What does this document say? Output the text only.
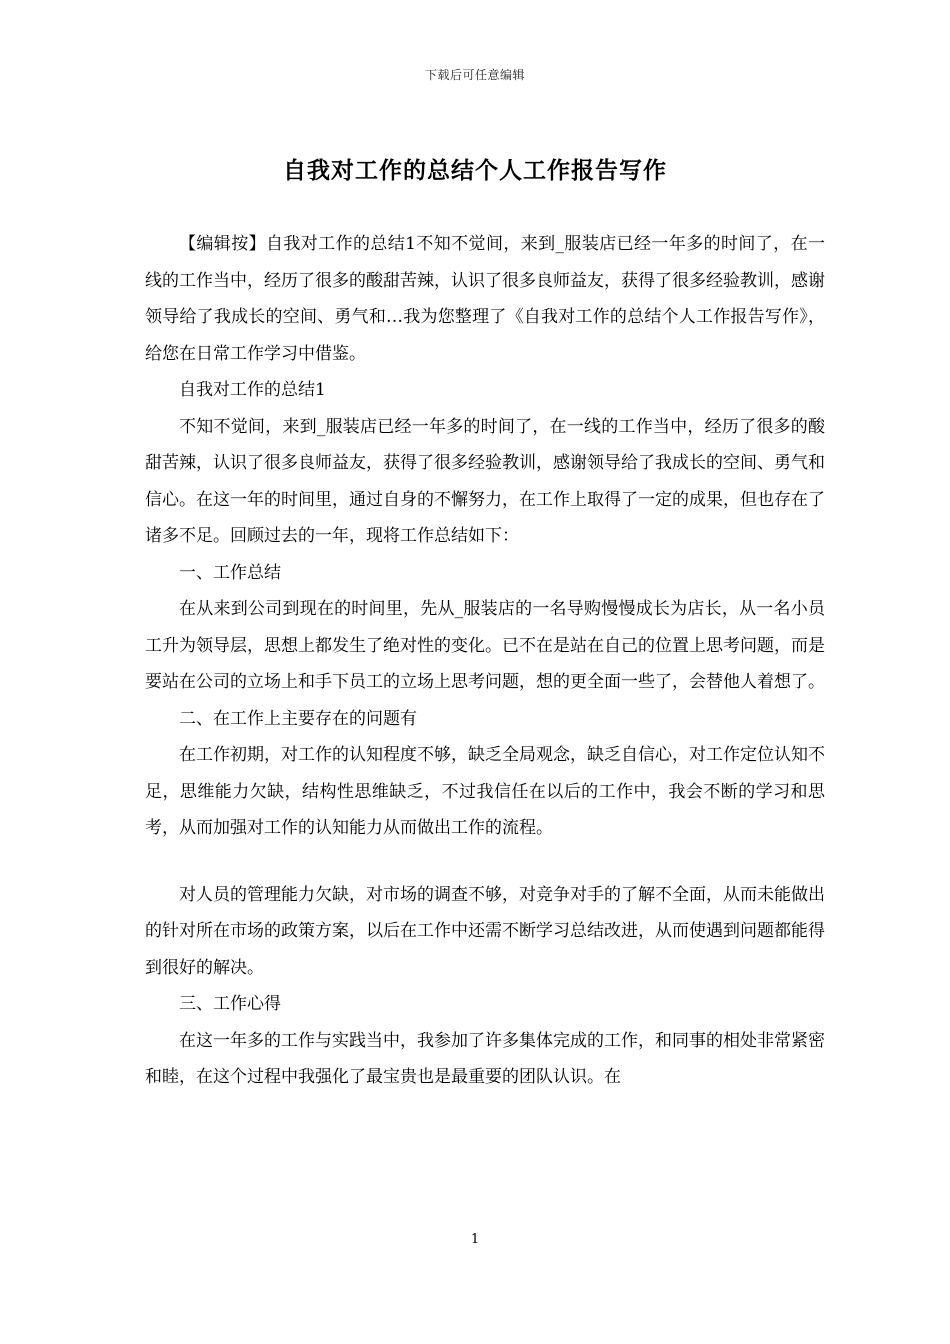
下载后可任意编辑
自我对工作的总结个人工作报告写作

【编辑按】自我对工作的总结1不知不觉间，来到_服装店已经一年多的时间了，在一线的工作当中，经历了很多的酸甜苦辣，认识了很多良师益友，获得了很多经验教训，感谢领导给了我成长的空间、勇气和…我为您整理了《自我对工作的总结个人工作报告写作》，给您在日常工作学习中借鉴。

自我对工作的总结1

不知不觉间，来到_服装店已经一年多的时间了，在一线的工作当中，经历了很多的酸甜苦辣，认识了很多良师益友，获得了很多经验教训，感谢领导给了我成长的空间、勇气和信心。在这一年的时间里，通过自身的不懈努力，在工作上取得了一定的成果，但也存在了诸多不足。回顾过去的一年，现将工作总结如下：

一、工作总结

在从来到公司到现在的时间里，先从_服装店的一名导购慢慢成长为店长，从一名小员工升为领导层，思想上都发生了绝对性的变化。已不在是站在自己的位置上思考问题，而是要站在公司的立场上和手下员工的立场上思考问题，想的更全面一些了，会替他人着想了。

二、在工作上主要存在的问题有

在工作初期，对工作的认知程度不够，缺乏全局观念，缺乏自信心，对工作定位认知不足，思维能力欠缺，结构性思维缺乏，不过我信任在以后的工作中，我会不断的学习和思考，从而加强对工作的认知能力从而做出工作的流程。

对人员的管理能力欠缺，对市场的调查不够，对竞争对手的了解不全面，从而未能做出的针对所在市场的政策方案，以后在工作中还需不断学习总结改进，从而使遇到问题都能得到很好的解决。

三、工作心得

在这一年多的工作与实践当中，我参加了许多集体完成的工作，和同事的相处非常紧密和睦，在这个过程中我强化了最宝贵也是最重要的团队认识。在

1
